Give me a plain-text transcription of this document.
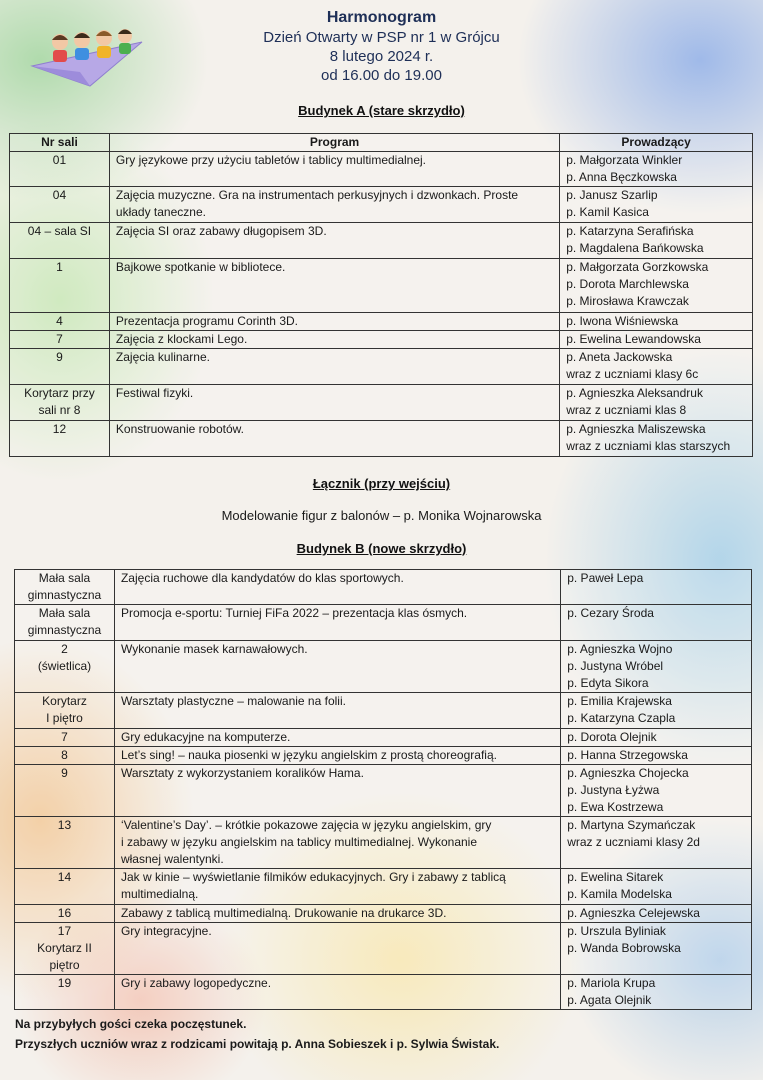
Harmonogram
Dzień Otwarty w PSP nr 1 w Grójcu
8 lutego 2024 r.
od 16.00 do 19.00
Budynek A (stare skrzydło)
Nr sali	Program	Prowadzący

01	Gry językowe przy użyciu tabletów i tablicy multimedialnej.	p. Małgorzata Winkler
p. Anna Bęczkowska

04	Zajęcia muzyczne. Gra na instrumentach perkusyjnych i dzwonkach. Proste
układy taneczne.	p. Janusz Szarlip
p. Kamil Kasica

04 – sala SI	Zajęcia SI oraz zabawy długopisem 3D.	p. Katarzyna Serafińska
p. Magdalena Bańkowska

1	Bajkowe spotkanie w bibliotece.	p. Małgorzata Gorzkowska
p. Dorota Marchlewska
p. Mirosława Krawczak

4	Prezentacja programu Corinth 3D.	p. Iwona Wiśniewska

7	Zajęcia z klockami Lego.	p. Ewelina Lewandowska

9	Zajęcia kulinarne.	p. Aneta Jackowska
wraz z uczniami klasy 6c

Korytarz przy
sali nr 8	Festiwal fizyki.	p. Agnieszka Aleksandruk
wraz z uczniami klas 8

12	Konstruowanie robotów.	p. Agnieszka Maliszewska
wraz z uczniami klas starszych
Łącznik (przy wejściu)
Modelowanie figur z balonów – p. Monika Wojnarowska
Budynek B (nowe skrzydło)
Mała sala
gimnastyczna	Zajęcia ruchowe dla kandydatów do klas sportowych.	p. Paweł Lepa

Mała sala
gimnastyczna	Promocja e-sportu: Turniej FiFa 2022 – prezentacja klas ósmych.	p. Cezary Środa

2
(świetlica)	Wykonanie masek karnawałowych.	p. Agnieszka Wojno
p. Justyna Wróbel
p. Edyta Sikora

Korytarz
I piętro	Warsztaty plastyczne – malowanie na folii.	p. Emilia Krajewska
p. Katarzyna Czapla

7	Gry edukacyjne na komputerze.	p. Dorota Olejnik

8	Let’s sing! – nauka piosenki w języku angielskim z prostą choreografią.	p. Hanna Strzegowska

9	Warsztaty z wykorzystaniem koralików Hama.	p. Agnieszka Chojecka
p. Justyna Łyżwa
p. Ewa Kostrzewa

13	‘Valentine’s Day’. – krótkie pokazowe zajęcia w języku angielskim, gry
i zabawy w języku angielskim na tablicy multimedialnej. Wykonanie
własnej walentynki.	p. Martyna Szymańczak
wraz z uczniami klasy 2d

14	Jak w kinie – wyświetlanie filmików edukacyjnych. Gry i zabawy z tablicą
multimedialną.	p. Ewelina Sitarek
p. Kamila Modelska

16	Zabawy z tablicą multimedialną. Drukowanie na drukarce 3D.	p. Agnieszka Celejewska

17
Korytarz II
piętro	Gry integracyjne.	p. Urszula Byliniak
p. Wanda Bobrowska

19	Gry i zabawy logopedyczne.	p. Mariola Krupa
p. Agata Olejnik
Na przybyłych gości czeka poczęstunek.
Przyszłych uczniów wraz z rodzicami powitają p. Anna Sobieszek i p. Sylwia Świstak.
